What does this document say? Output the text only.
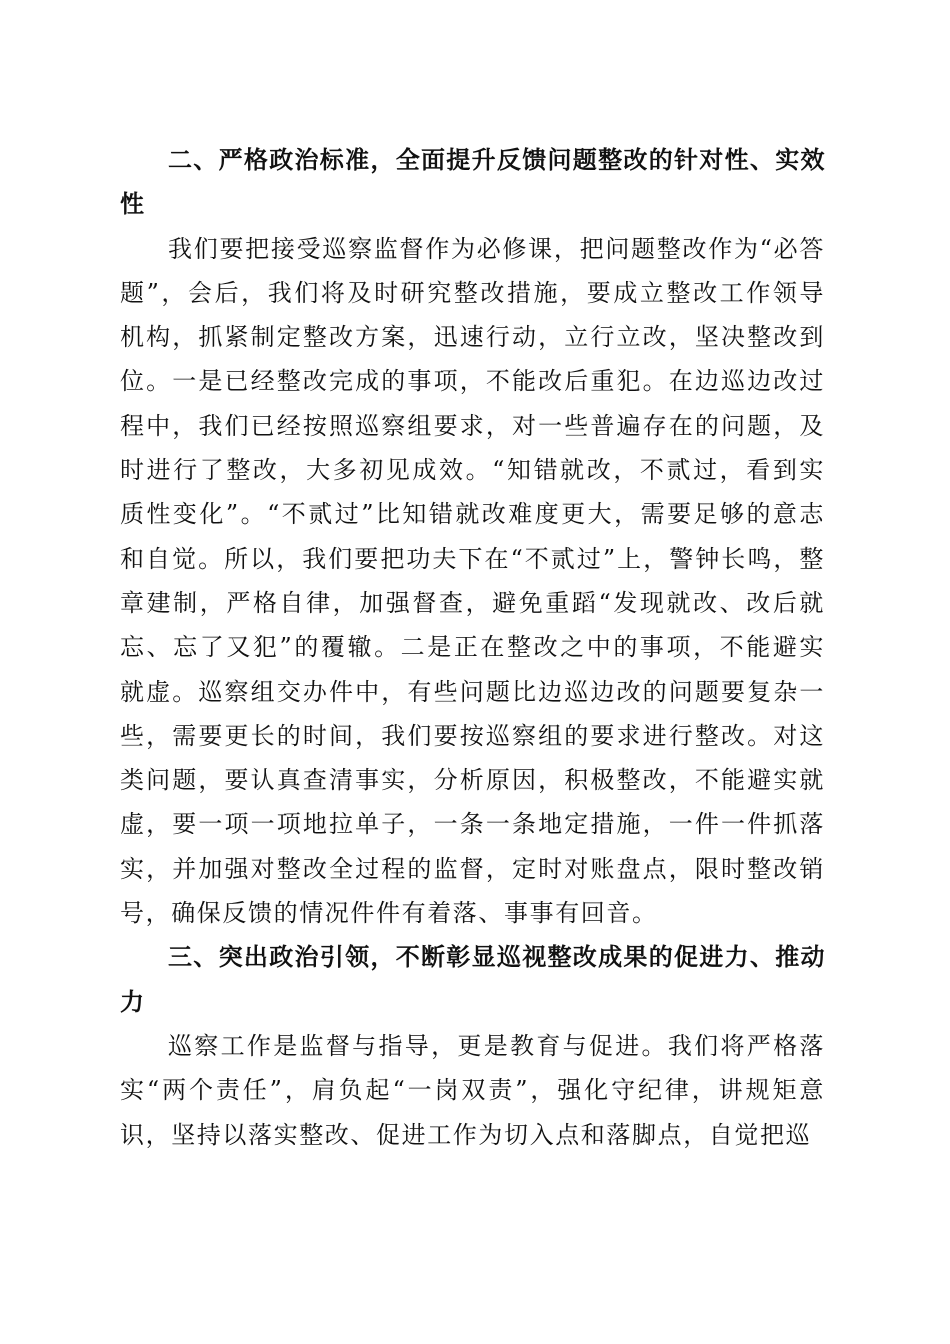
二、严格政治标准，全面提升反馈问题整改的针对性、实效性

我们要把接受巡察监督作为必修课，把问题整改作为“必答题”，会后，我们将及时研究整改措施，要成立整改工作领导机构，抓紧制定整改方案，迅速行动，立行立改，坚决整改到位。一是已经整改完成的事项，不能改后重犯。在边巡边改过程中，我们已经按照巡察组要求，对一些普遍存在的问题，及时进行了整改，大多初见成效。“知错就改，不贰过，看到实质性变化”。“不贰过”比知错就改难度更大，需要足够的意志和自觉。所以，我们要把功夫下在“不贰过”上，警钟长鸣，整章建制，严格自律，加强督查，避免重蹈“发现就改、改后就忘、忘了又犯”的覆辙。二是正在整改之中的事项，不能避实就虚。巡察组交办件中，有些问题比边巡边改的问题要复杂一些，需要更长的时间，我们要按巡察组的要求进行整改。对这类问题，要认真查清事实，分析原因，积极整改，不能避实就虚，要一项一项地拉单子，一条一条地定措施，一件一件抓落实，并加强对整改全过程的监督，定时对账盘点，限时整改销号，确保反馈的情况件件有着落、事事有回音。

三、突出政治引领，不断彰显巡视整改成果的促进力、推动力

巡察工作是监督与指导，更是教育与促进。我们将严格落实“两个责任”，肩负起“一岗双责”，强化守纪律，讲规矩意识，坚持以落实整改、促进工作为切入点和落脚点，自觉把巡
